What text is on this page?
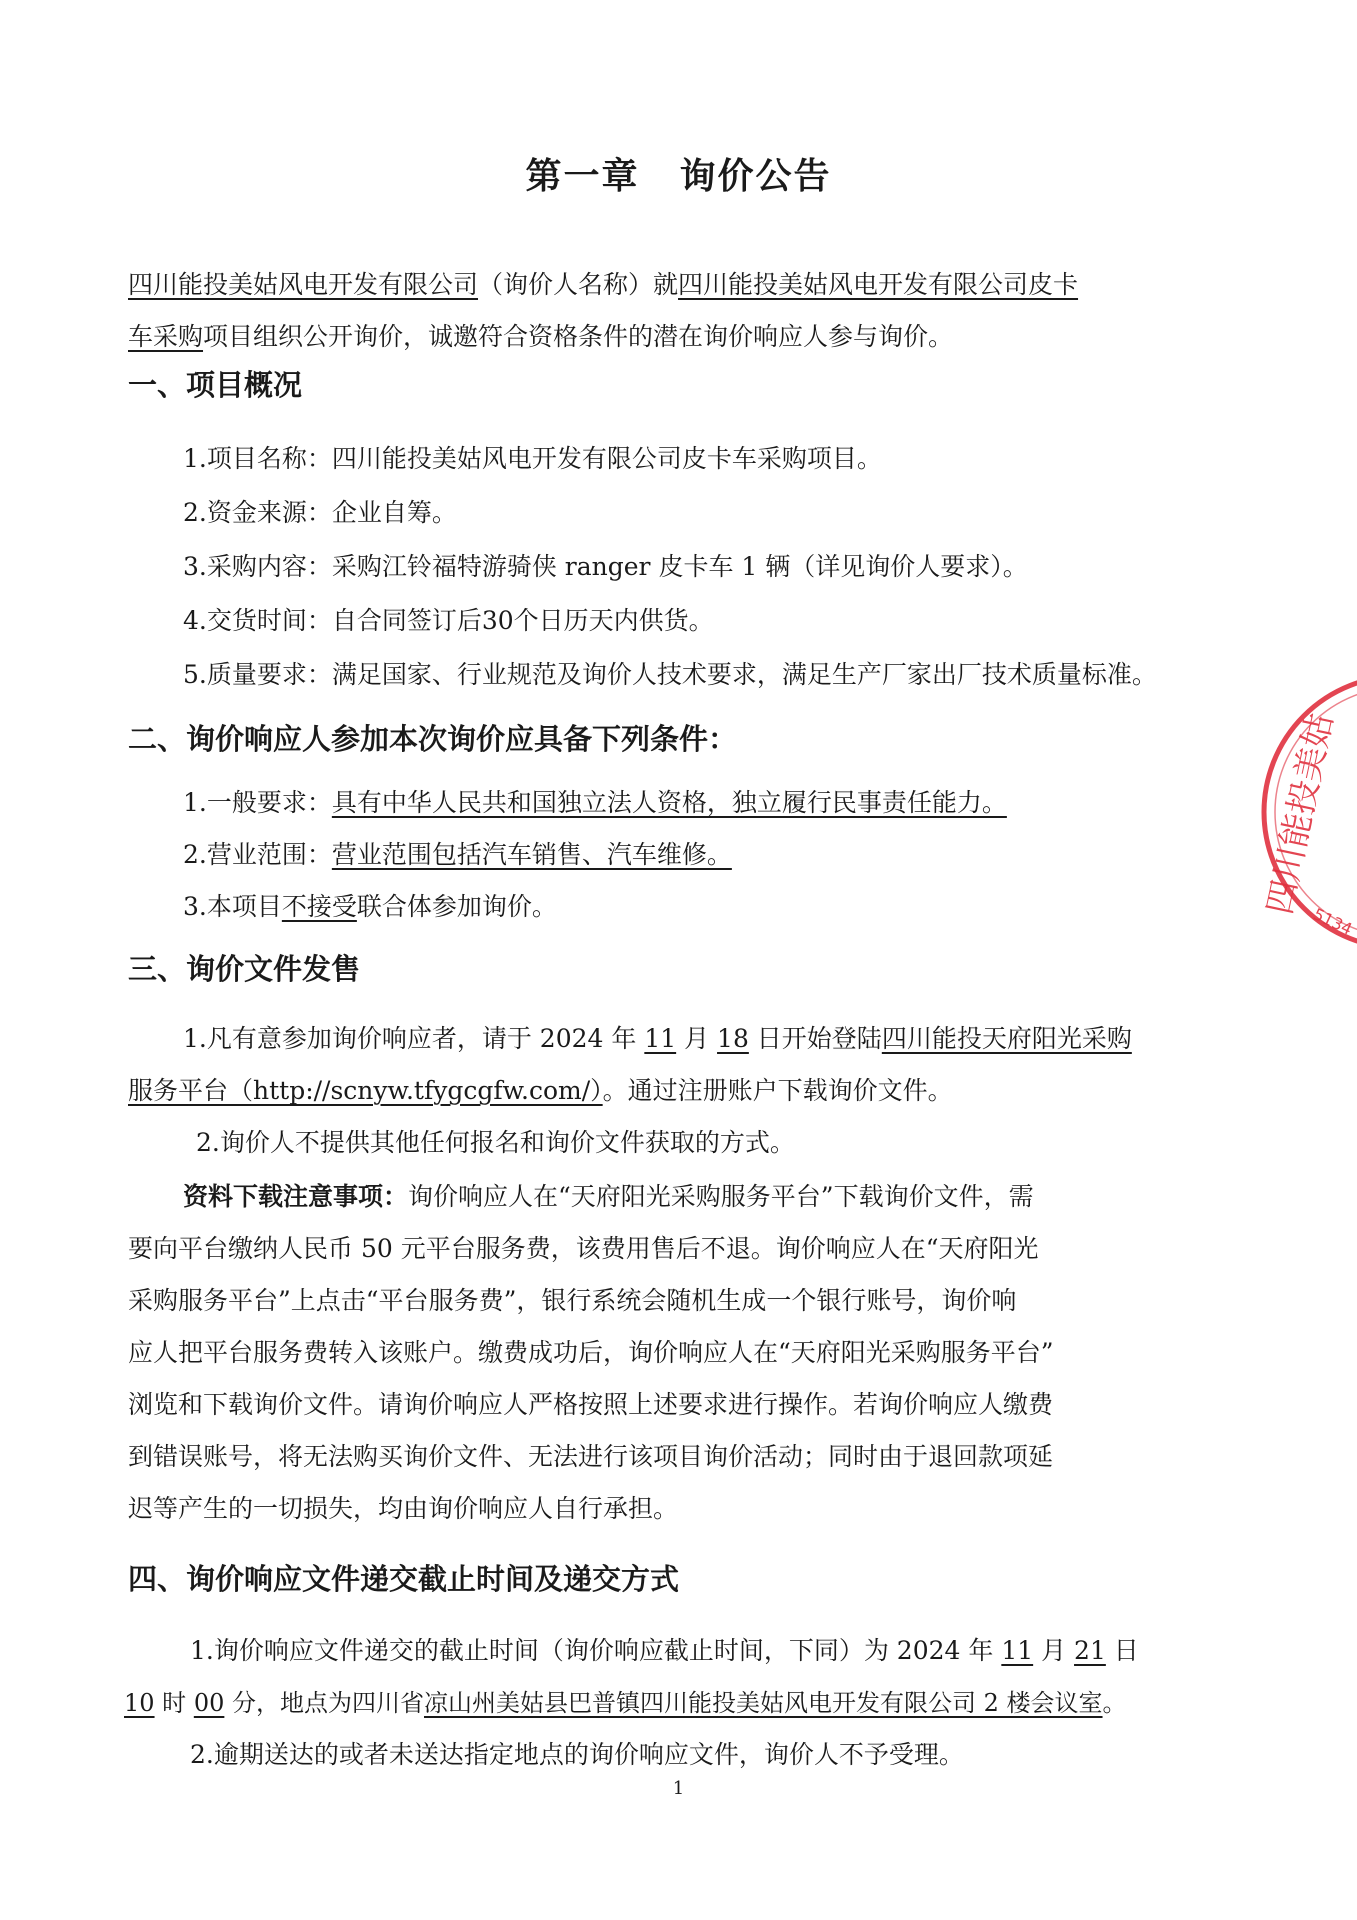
第一章 询价公告

四川能投美姑风电开发有限公司（询价人名称）就四川能投美姑风电开发有限公司皮卡

车采购项目组织公开询价，诚邀符合资格条件的潜在询价响应人参与询价。

一、项目概况

1.项目名称：四川能投美姑风电开发有限公司皮卡车采购项目。

2.资金来源：企业自筹。

3.采购内容：采购江铃福特游骑侠 ranger 皮卡车 1 辆（详见询价人要求）。

4.交货时间：自合同签订后30个日历天内供货。

5.质量要求：满足国家、行业规范及询价人技术要求，满足生产厂家出厂技术质量标准。

二、询价响应人参加本次询价应具备下列条件：

1.一般要求：具有中华人民共和国独立法人资格，独立履行民事责任能力。

2.营业范围：营业范围包括汽车销售、汽车维修。

3.本项目不接受联合体参加询价。

三、询价文件发售

1.凡有意参加询价响应者，请于 2024 年 11 月 18 日开始登陆四川能投天府阳光采购

服务平台（http://scnyw.tfygcgfw.com/）。通过注册账户下载询价文件。

2.询价人不提供其他任何报名和询价文件获取的方式。

资料下载注意事项：询价响应人在“天府阳光采购服务平台”下载询价文件，需

要向平台缴纳人民币 50 元平台服务费，该费用售后不退。询价响应人在“天府阳光

采购服务平台”上点击“平台服务费”，银行系统会随机生成一个银行账号，询价响

应人把平台服务费转入该账户。缴费成功后，询价响应人在“天府阳光采购服务平台”

浏览和下载询价文件。请询价响应人严格按照上述要求进行操作。若询价响应人缴费

到错误账号，将无法购买询价文件、无法进行该项目询价活动；同时由于退回款项延

迟等产生的一切损失，均由询价响应人自行承担。

四、询价响应文件递交截止时间及递交方式

1.询价响应文件递交的截止时间（询价响应截止时间，下同）为 2024 年 11 月 21 日

10 时 00 分，地点为四川省凉山州美姑县巴普镇四川能投美姑风电开发有限公司 2 楼会议室。

2.逾期送达的或者未送达指定地点的询价响应文件，询价人不予受理。

1

四川能投美姑
5134
